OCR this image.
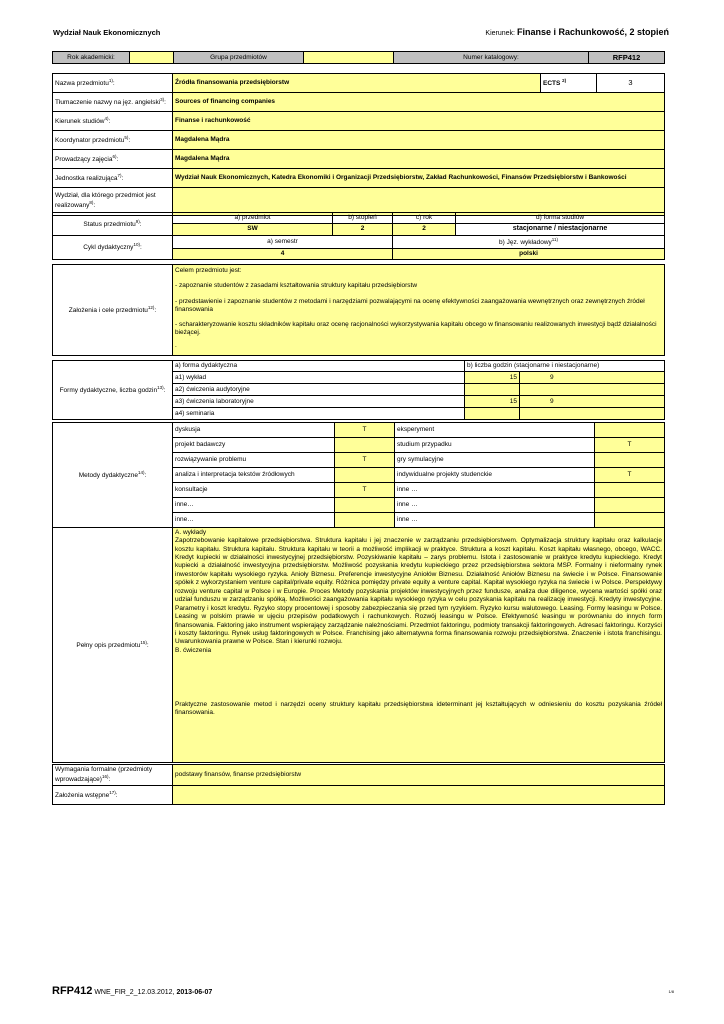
Wydział Nauk Ekonomicznych	Kierunek: Finanse i Rachunkowość, 2 stopień
Rok akademicki:		Grupa przedmiotów		Numer katalogowy:	RFP412
Nazwa przedmiotu$^{1)}$:	Źródła finansowania przedsiębiorstw	ECTS $^{2)}$	3
Tłumaczenie nazwy na jęz. angielski$^{3)}$:	Sources of financing companies		
Kierunek studiów$^{4)}$:	Finanse i rachunkowość		
Koordynator przedmiotu$^{5)}$:	Magdalena Mądra		
Prowadzący zajęcia$^{6)}$:	Magdalena Mądra		
Jednostka realizująca$^{7)}$:	Wydział Nauk Ekonomicznych, Katedra Ekonomiki i Organizacji Przedsiębiorstw, Zakład Rachunkowości, Finansów Przedsiębiorstw i Bankowości		
Wydział, dla którego przedmiot jest realizowany$^{8)}$:			
Status przedmiotu$^{9)}$:	a) przedmiot	b) stopień	c) rok	d) forma studiów
	SW	2	2	stacjonarne / niestacjonarne
Cykl dydaktyczny$^{10)}$:	a) semestr		b) Jęz. wykładowy$^{11)}$
	4		polski	
Założenia i cele przedmiotu$^{12)}$:	
Celem przedmiotu jest:
- zapoznanie studentów z zasadami kształtowania struktury kapitału przedsiębiorstw
- przedstawienie i zapoznanie studentów z metodami i narzędziami pozwalającymi na ocenę efektywności zaangażowania wewnętrznych oraz zewnętrznych źródeł finansowania
- scharakteryzowanie kosztu składników kapitału oraz ocenę racjonalności wykorzystywania kapitału obcego w finansowaniu realizowanych inwestycji bądź działalności bieżącej.
.
Formy dydaktyczne, liczba godzin$^{13)}$:	a) forma dydaktyczna	b) liczba godzin (stacjonarne i niestacjonarne)	
	a1) wykład	15	9
	a2) ćwiczenia audytoryjne		
	a3) ćwiczenia laboratoryjne	15	9
	a4) seminaria		
Metody dydaktyczne$^{14)}$:	dyskusja	T	eksperyment	
	projekt badawczy		studium przypadku	T
	rozwiązywanie problemu	T	gry symulacyjne	
	analiza i interpretacja tekstów źródłowych		indywidualne projekty studenckie	T
	konsultacje	T	inne …	
	inne…		inne …	
	inne…		inne …	
Pełny opis przedmiotu$^{15)}$:	
A. wykłady
Zapotrzebowanie kapitałowe przedsiębiorstwa. Struktura kapitału i jej znaczenie w zarządzaniu przedsiębiorstwem. Optymalizacja struktury kapitału oraz kalkulacje kosztu kapitału. Struktura kapitału. Struktura kapitału w teorii a możliwość implikacji w praktyce. Struktura a koszt kapitału. Koszt kapitału własnego, obcego, WACC. Kredyt kupiecki w działalności inwestycyjnej przedsiębiorstw. Pozyskiwanie kapitału – zarys problemu. Istota i zastosowanie w praktyce kredytu kupieckiego. Kredyt kupiecki a działalność inwestycyjna przedsiębiorstw. Możliwość pozyskania kredytu kupieckiego przez przedsiębiorstwa sektora MSP. Formalny i nieformalny rynek inwestorów kapitału wysokiego ryzyka. Anioły Biznesu. Preferencje inwestycyjne Aniołów Biznesu. Działalność Aniołów Biznesu na świecie i w Polsce. Finansowanie spółek z wykorzystaniem venture capital/private equity. Różnica pomiędzy private equity a venture capital. Kapitał wysokiego ryzyka na świecie i w Polsce. Perspektywy rozwoju venture capital w Polsce i w Europie. Proces Metody pozyskania projektów inwestycyjnych przez fundusze, analiza due diligence, wycena wartości spółki oraz udział funduszu w zarządzaniu spółką. Możliwości zaangażowania kapitału wysokiego ryzyka w celu pozyskania kapitału na realizację inwestycji. Kredyty inwestycyjne. Parametry i koszt kredytu. Ryzyko stopy procentowej i sposoby zabezpieczania się przed tym ryzykiem. Ryzyko kursu walutowego. Leasing. Formy leasingu w Polsce. Leasing w polskim prawie w ujęciu przepisów podatkowych i rachunkowych. Rozwój leasingu w Polsce. Efektywność leasingu w porównaniu do innych form finansowania. Faktoring jako instrument wspierający zarządzanie należnościami. Przedmiot faktoringu, podmioty transakcji faktoringowych. Adresaci faktoringu. Korzyści i koszty faktoringu. Rynek usług faktoringowych w Polsce. Franchising jako alternatywna forma finansowania rozwoju przedsiębiorstwa. Znaczenie i istota franchisingu. Uwarunkowania prawne w Polsce. Stan i kierunki rozwoju.
B. ćwiczenia
Praktyczne zastosowanie metod i narzędzi oceny struktury kapitału przedsiębiorstwa ideterminant jej kształtujących w odniesieniu do kosztu pozyskania źródeł finansowania.
Wymagania formalne (przedmioty wprowadzające)$^{16)}$:	podstawy finansów, finanse przedsiębiorstw
Założenia wstępne$^{17)}$:	
RFP412 WNE_FIR_2_12.03.2012, 2013-06-07	1/8
